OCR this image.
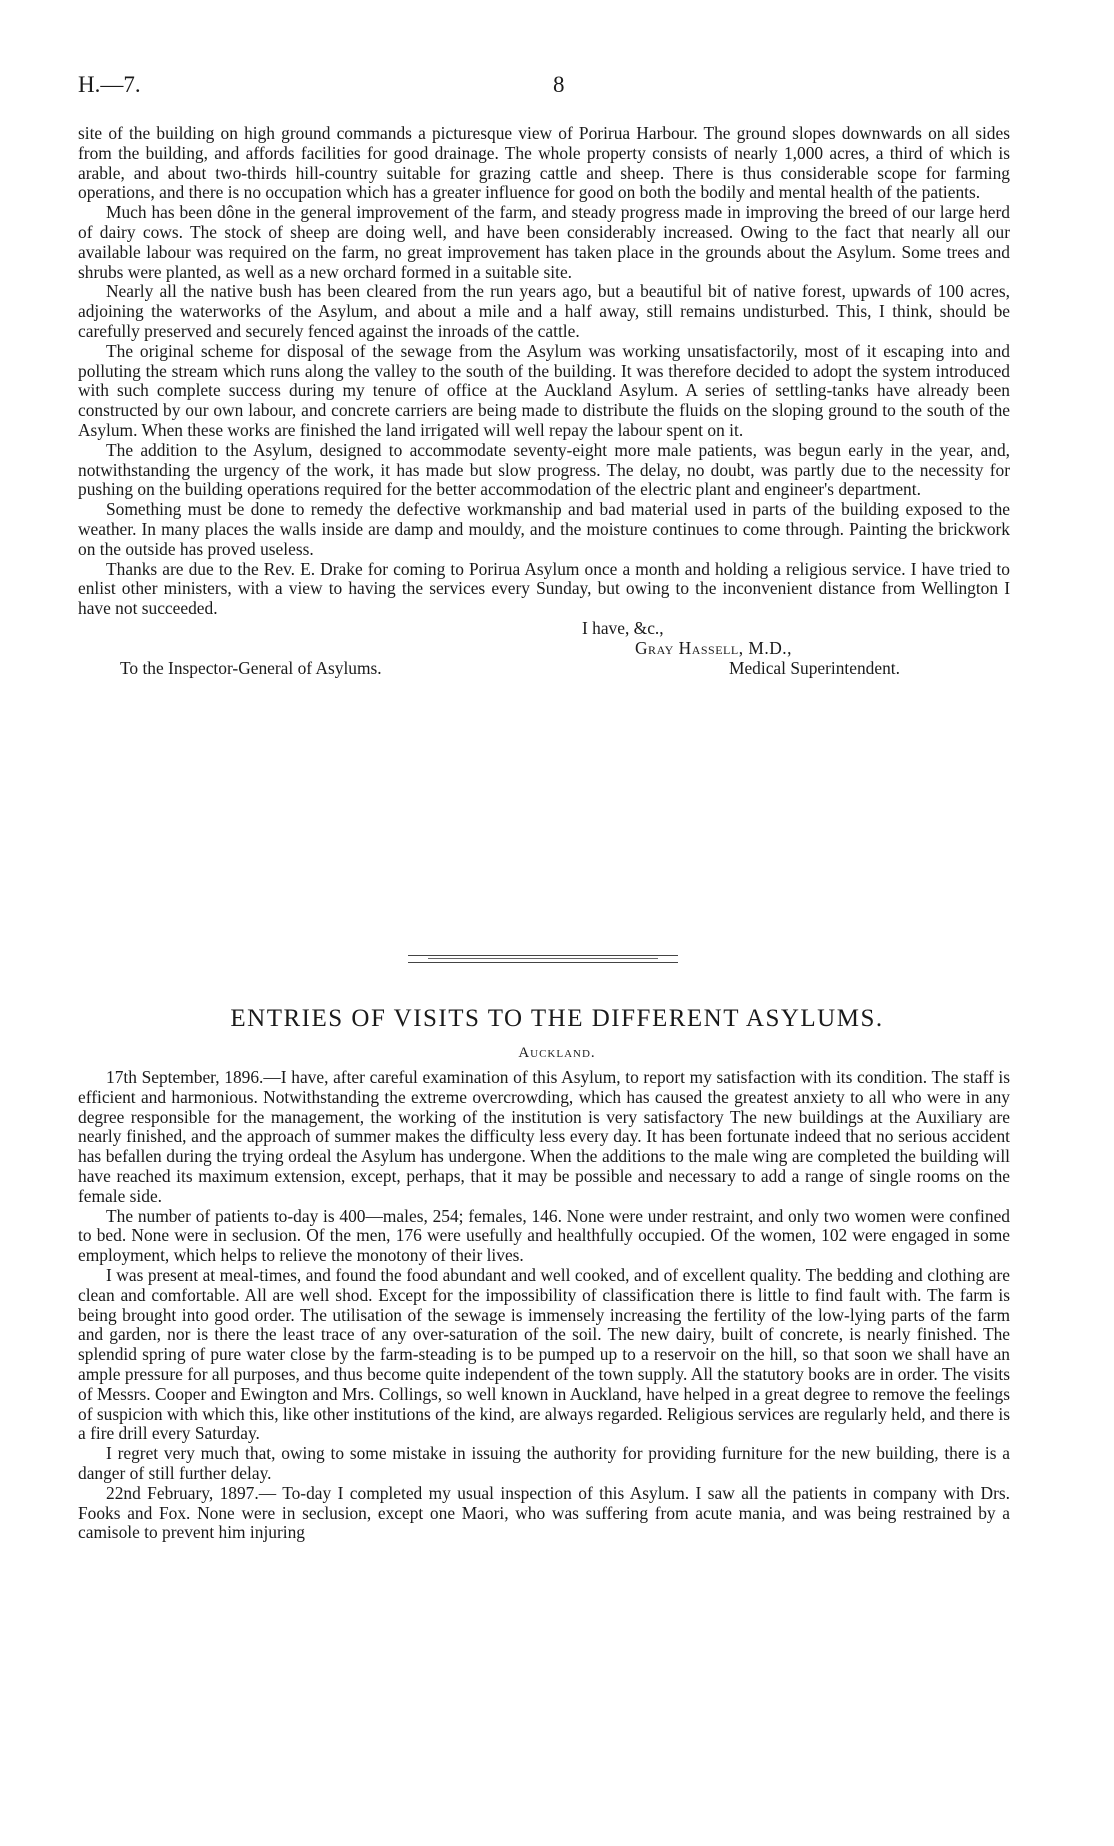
H.—7.	8

site of the building on high ground commands a picturesque view of Porirua Harbour. The ground slopes downwards on all sides from the building, and affords facilities for good drainage. The whole property consists of nearly 1,000 acres, a third of which is arable, and about two-thirds hill-country suitable for grazing cattle and sheep. There is thus considerable scope for farming operations, and there is no occupation which has a greater influence for good on both the bodily and mental health of the patients.

Much has been dône in the general improvement of the farm, and steady progress made in improving the breed of our large herd of dairy cows. The stock of sheep are doing well, and have been considerably increased. Owing to the fact that nearly all our available labour was required on the farm, no great improvement has taken place in the grounds about the Asylum. Some trees and shrubs were planted, as well as a new orchard formed in a suitable site.

Nearly all the native bush has been cleared from the run years ago, but a beautiful bit of native forest, upwards of 100 acres, adjoining the waterworks of the Asylum, and about a mile and a half away, still remains undisturbed. This, I think, should be carefully preserved and securely fenced against the inroads of the cattle.

The original scheme for disposal of the sewage from the Asylum was working unsatisfactorily, most of it escaping into and polluting the stream which runs along the valley to the south of the building. It was therefore decided to adopt the system introduced with such complete success during my tenure of office at the Auckland Asylum. A series of settling-tanks have already been constructed by our own labour, and concrete carriers are being made to distribute the fluids on the sloping ground to the south of the Asylum. When these works are finished the land irrigated will well repay the labour spent on it.

The addition to the Asylum, designed to accommodate seventy-eight more male patients, was begun early in the year, and, notwithstanding the urgency of the work, it has made but slow progress. The delay, no doubt, was partly due to the necessity for pushing on the building operations required for the better accommodation of the electric plant and engineer's department.

Something must be done to remedy the defective workmanship and bad material used in parts of the building exposed to the weather. In many places the walls inside are damp and mouldy, and the moisture continues to come through. Painting the brickwork on the outside has proved useless.

Thanks are due to the Rev. E. Drake for coming to Porirua Asylum once a month and holding a religious service. I have tried to enlist other ministers, with a view to having the services every Sunday, but owing to the inconvenient distance from Wellington I have not succeeded.

I have, &c.,
Gray Hassell, M.D.,
To the Inspector-General of Asylums.	Medical Superintendent.
ENTRIES OF VISITS TO THE DIFFERENT ASYLUMS.
Auckland.

17th September, 1896.—I have, after careful examination of this Asylum, to report my satisfaction with its condition. The staff is efficient and harmonious. Notwithstanding the extreme overcrowding, which has caused the greatest anxiety to all who were in any degree responsible for the management, the working of the institution is very satisfactory The new buildings at the Auxiliary are nearly finished, and the approach of summer makes the difficulty less every day. It has been fortunate indeed that no serious accident has befallen during the trying ordeal the Asylum has undergone. When the additions to the male wing are completed the building will have reached its maximum extension, except, perhaps, that it may be possible and necessary to add a range of single rooms on the female side.

The number of patients to-day is 400—males, 254; females, 146. None were under restraint, and only two women were confined to bed. None were in seclusion. Of the men, 176 were usefully and healthfully occupied. Of the women, 102 were engaged in some employment, which helps to relieve the monotony of their lives.

I was present at meal-times, and found the food abundant and well cooked, and of excellent quality. The bedding and clothing are clean and comfortable. All are well shod. Except for the impossibility of classification there is little to find fault with. The farm is being brought into good order. The utilisation of the sewage is immensely increasing the fertility of the low-lying parts of the farm and garden, nor is there the least trace of any over-saturation of the soil. The new dairy, built of concrete, is nearly finished. The splendid spring of pure water close by the farm-steading is to be pumped up to a reservoir on the hill, so that soon we shall have an ample pressure for all purposes, and thus become quite independent of the town supply. All the statutory books are in order. The visits of Messrs. Cooper and Ewington and Mrs. Collings, so well known in Auckland, have helped in a great degree to remove the feelings of suspicion with which this, like other institutions of the kind, are always regarded. Religious services are regularly held, and there is a fire drill every Saturday.

I regret very much that, owing to some mistake in issuing the authority for providing furniture for the new building, there is a danger of still further delay.

22nd February, 1897.— To-day I completed my usual inspection of this Asylum. I saw all the patients in company with Drs. Fooks and Fox. None were in seclusion, except one Maori, who was suffering from acute mania, and was being restrained by a camisole to prevent him injuring
